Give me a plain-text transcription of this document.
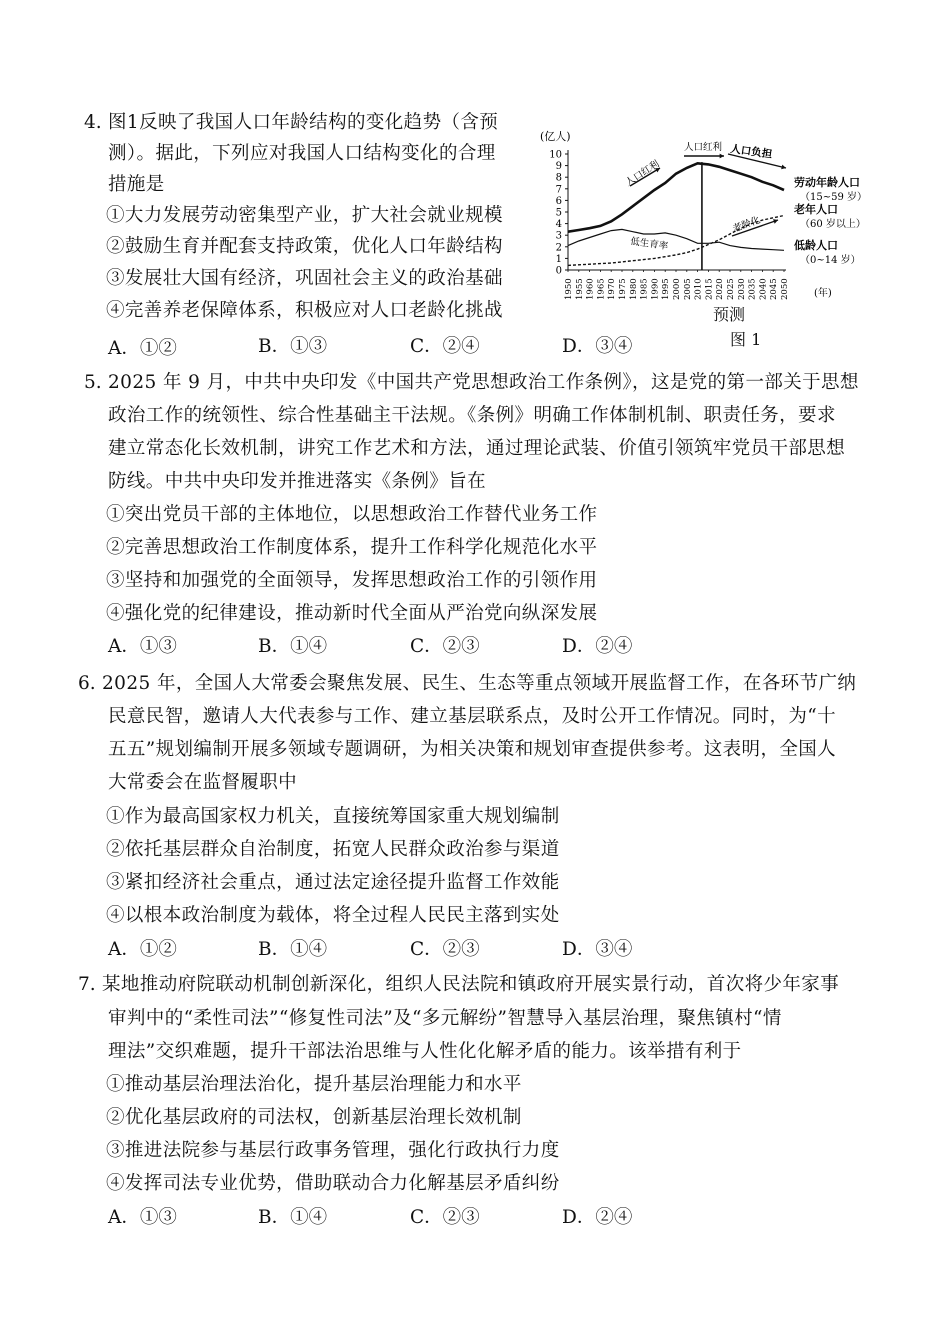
4. 图1反映了我国人口年龄结构的变化趋势（含预
测）。据此，下列应对我国人口结构变化的合理
措施是
①大力发展劳动密集型产业，扩大社会就业规模
②鼓励生育并配套支持政策，优化人口年龄结构
③发展壮大国有经济，巩固社会主义的政治基础
④完善养老保障体系，积极应对人口老龄化挑战
A．①②	B．①③	C．②④	D．③④
(亿人)
(年)
0
1
2
3
4
5
6
7
8
9
10
1950 1955 1960 1965 1970 1975 1980 1985 1990 1995 2000 2005 2010 2015 2020 2025 2030 2035 2040 2045 2050
劳动年龄人口
（15~59 岁）
老年人口
（60 岁以上）
低龄人口
（0~14 岁）
人口红利
人口红利 人口负担
老龄化
低生育率
预测
图 1
5. 2025 年 9 月，中共中央印发《中国共产党思想政治工作条例》，这是党的第一部关于思想
政治工作的统领性、综合性基础主干法规。《条例》明确工作体制机制、职责任务，要求
建立常态化长效机制，讲究工作艺术和方法，通过理论武装、价值引领筑牢党员干部思想
防线。中共中央印发并推进落实《条例》旨在
①突出党员干部的主体地位，以思想政治工作替代业务工作
②完善思想政治工作制度体系，提升工作科学化规范化水平
③坚持和加强党的全面领导，发挥思想政治工作的引领作用
④强化党的纪律建设，推动新时代全面从严治党向纵深发展
A．①③	B．①④	C．②③	D．②④
6. 2025 年，全国人大常委会聚焦发展、民生、生态等重点领域开展监督工作，在各环节广纳
民意民智，邀请人大代表参与工作、建立基层联系点，及时公开工作情况。同时，为“十
五五”规划编制开展多领域专题调研，为相关决策和规划审查提供参考。这表明，全国人
大常委会在监督履职中
①作为最高国家权力机关，直接统筹国家重大规划编制
②依托基层群众自治制度，拓宽人民群众政治参与渠道
③紧扣经济社会重点，通过法定途径提升监督工作效能
④以根本政治制度为载体，将全过程人民民主落到实处
A．①②	B．①④	C．②③	D．③④
7. 某地推动府院联动机制创新深化，组织人民法院和镇政府开展实景行动，首次将少年家事
审判中的“柔性司法”“修复性司法”及“多元解纷”智慧导入基层治理，聚焦镇村“情
理法”交织难题，提升干部法治思维与人性化化解矛盾的能力。该举措有利于
①推动基层治理法治化，提升基层治理能力和水平
②优化基层政府的司法权，创新基层治理长效机制
③推进法院参与基层行政事务管理，强化行政执行力度
④发挥司法专业优势，借助联动合力化解基层矛盾纠纷
A．①③	B．①④	C．②③	D．②④
